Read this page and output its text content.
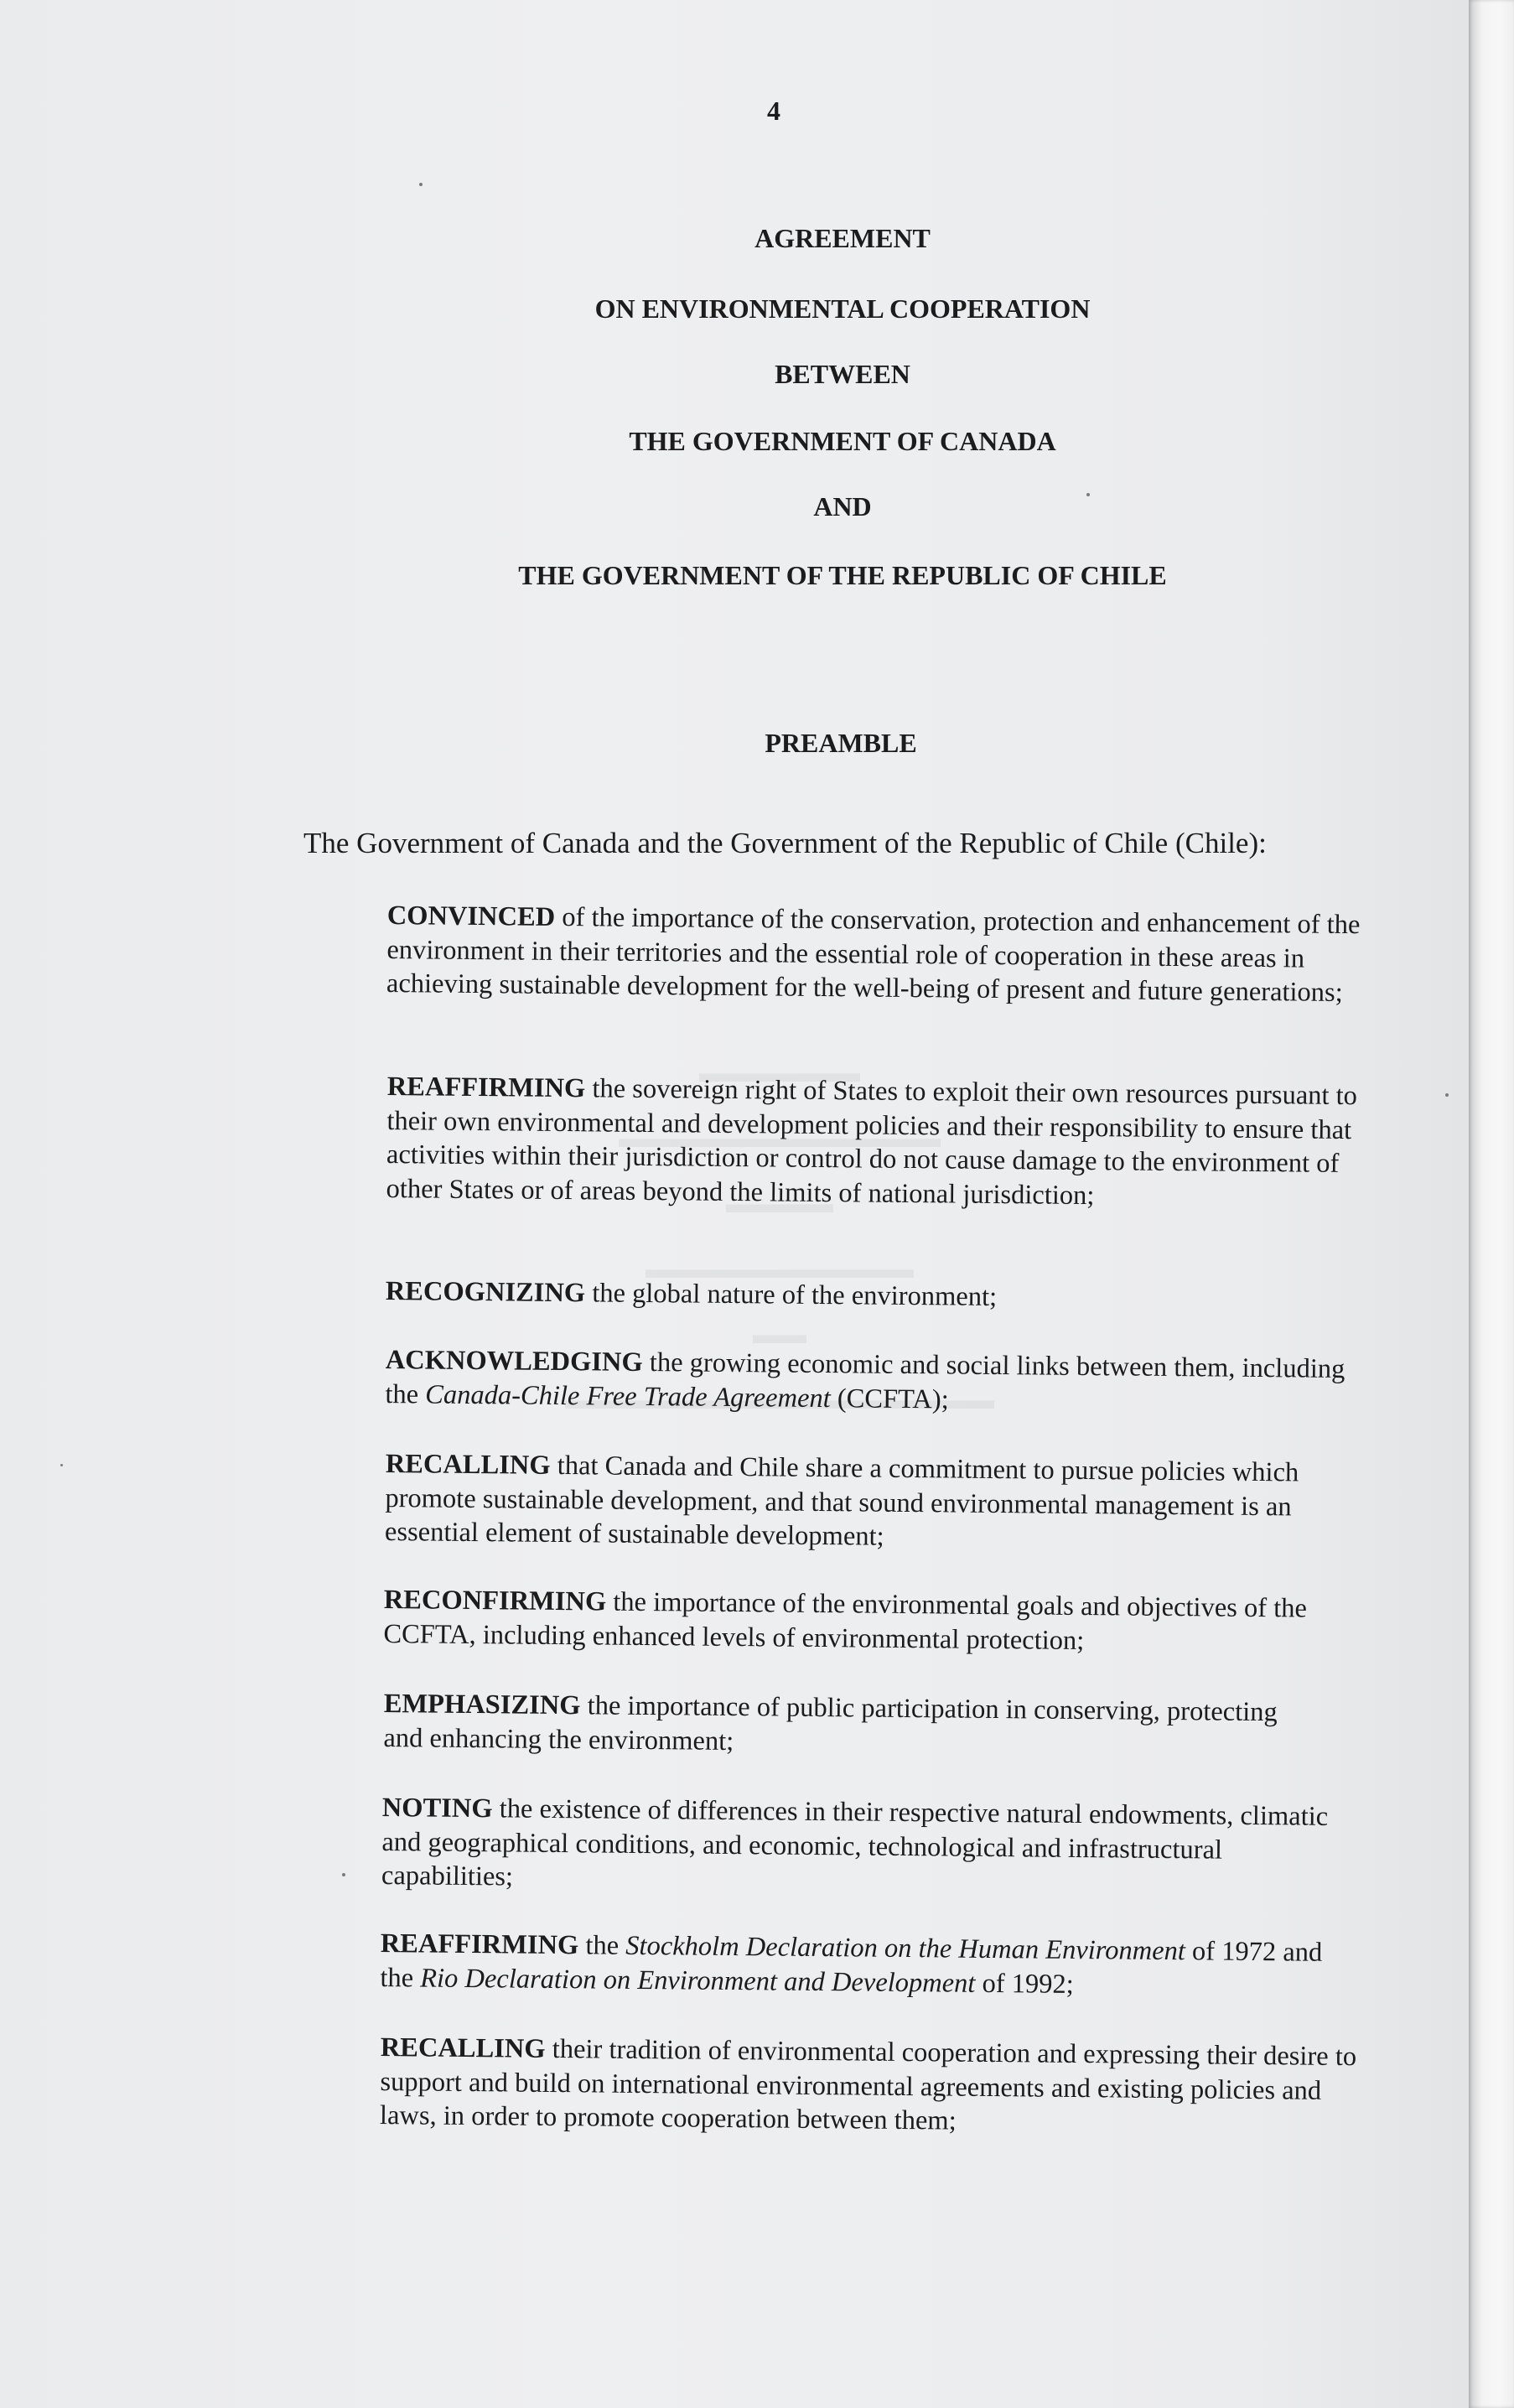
4
AGREEMENT
ON ENVIRONMENTAL COOPERATION
BETWEEN
THE GOVERNMENT OF CANADA
AND
THE GOVERNMENT OF THE REPUBLIC OF CHILE
PREAMBLE
The Government of Canada and the Government of the Republic of Chile (Chile):
CONVINCED of the importance of the conservation, protection and enhancement of the environment in their territories and the essential role of cooperation in these areas in achieving sustainable development for the well-being of present and future generations;
REAFFIRMING the sovereign right of States to exploit their own resources pursuant to their own environmental and development policies and their responsibility to ensure that activities within their jurisdiction or control do not cause damage to the environment of other States or of areas beyond the limits of national jurisdiction;
RECOGNIZING the global nature of the environment;
ACKNOWLEDGING the growing economic and social links between them, including the Canada-Chile Free Trade Agreement (CCFTA);
RECALLING that Canada and Chile share a commitment to pursue policies which promote sustainable development, and that sound environmental management is an essential element of sustainable development;
RECONFIRMING the importance of the environmental goals and objectives of the CCFTA, including enhanced levels of environmental protection;
EMPHASIZING the importance of public participation in conserving, protecting and enhancing the environment;
NOTING the existence of differences in their respective natural endowments, climatic and geographical conditions, and economic, technological and infrastructural capabilities;
REAFFIRMING the Stockholm Declaration on the Human Environment of 1972 and the Rio Declaration on Environment and Development of 1992;
RECALLING their tradition of environmental cooperation and expressing their desire to support and build on international environmental agreements and existing policies and laws, in order to promote cooperation between them;
